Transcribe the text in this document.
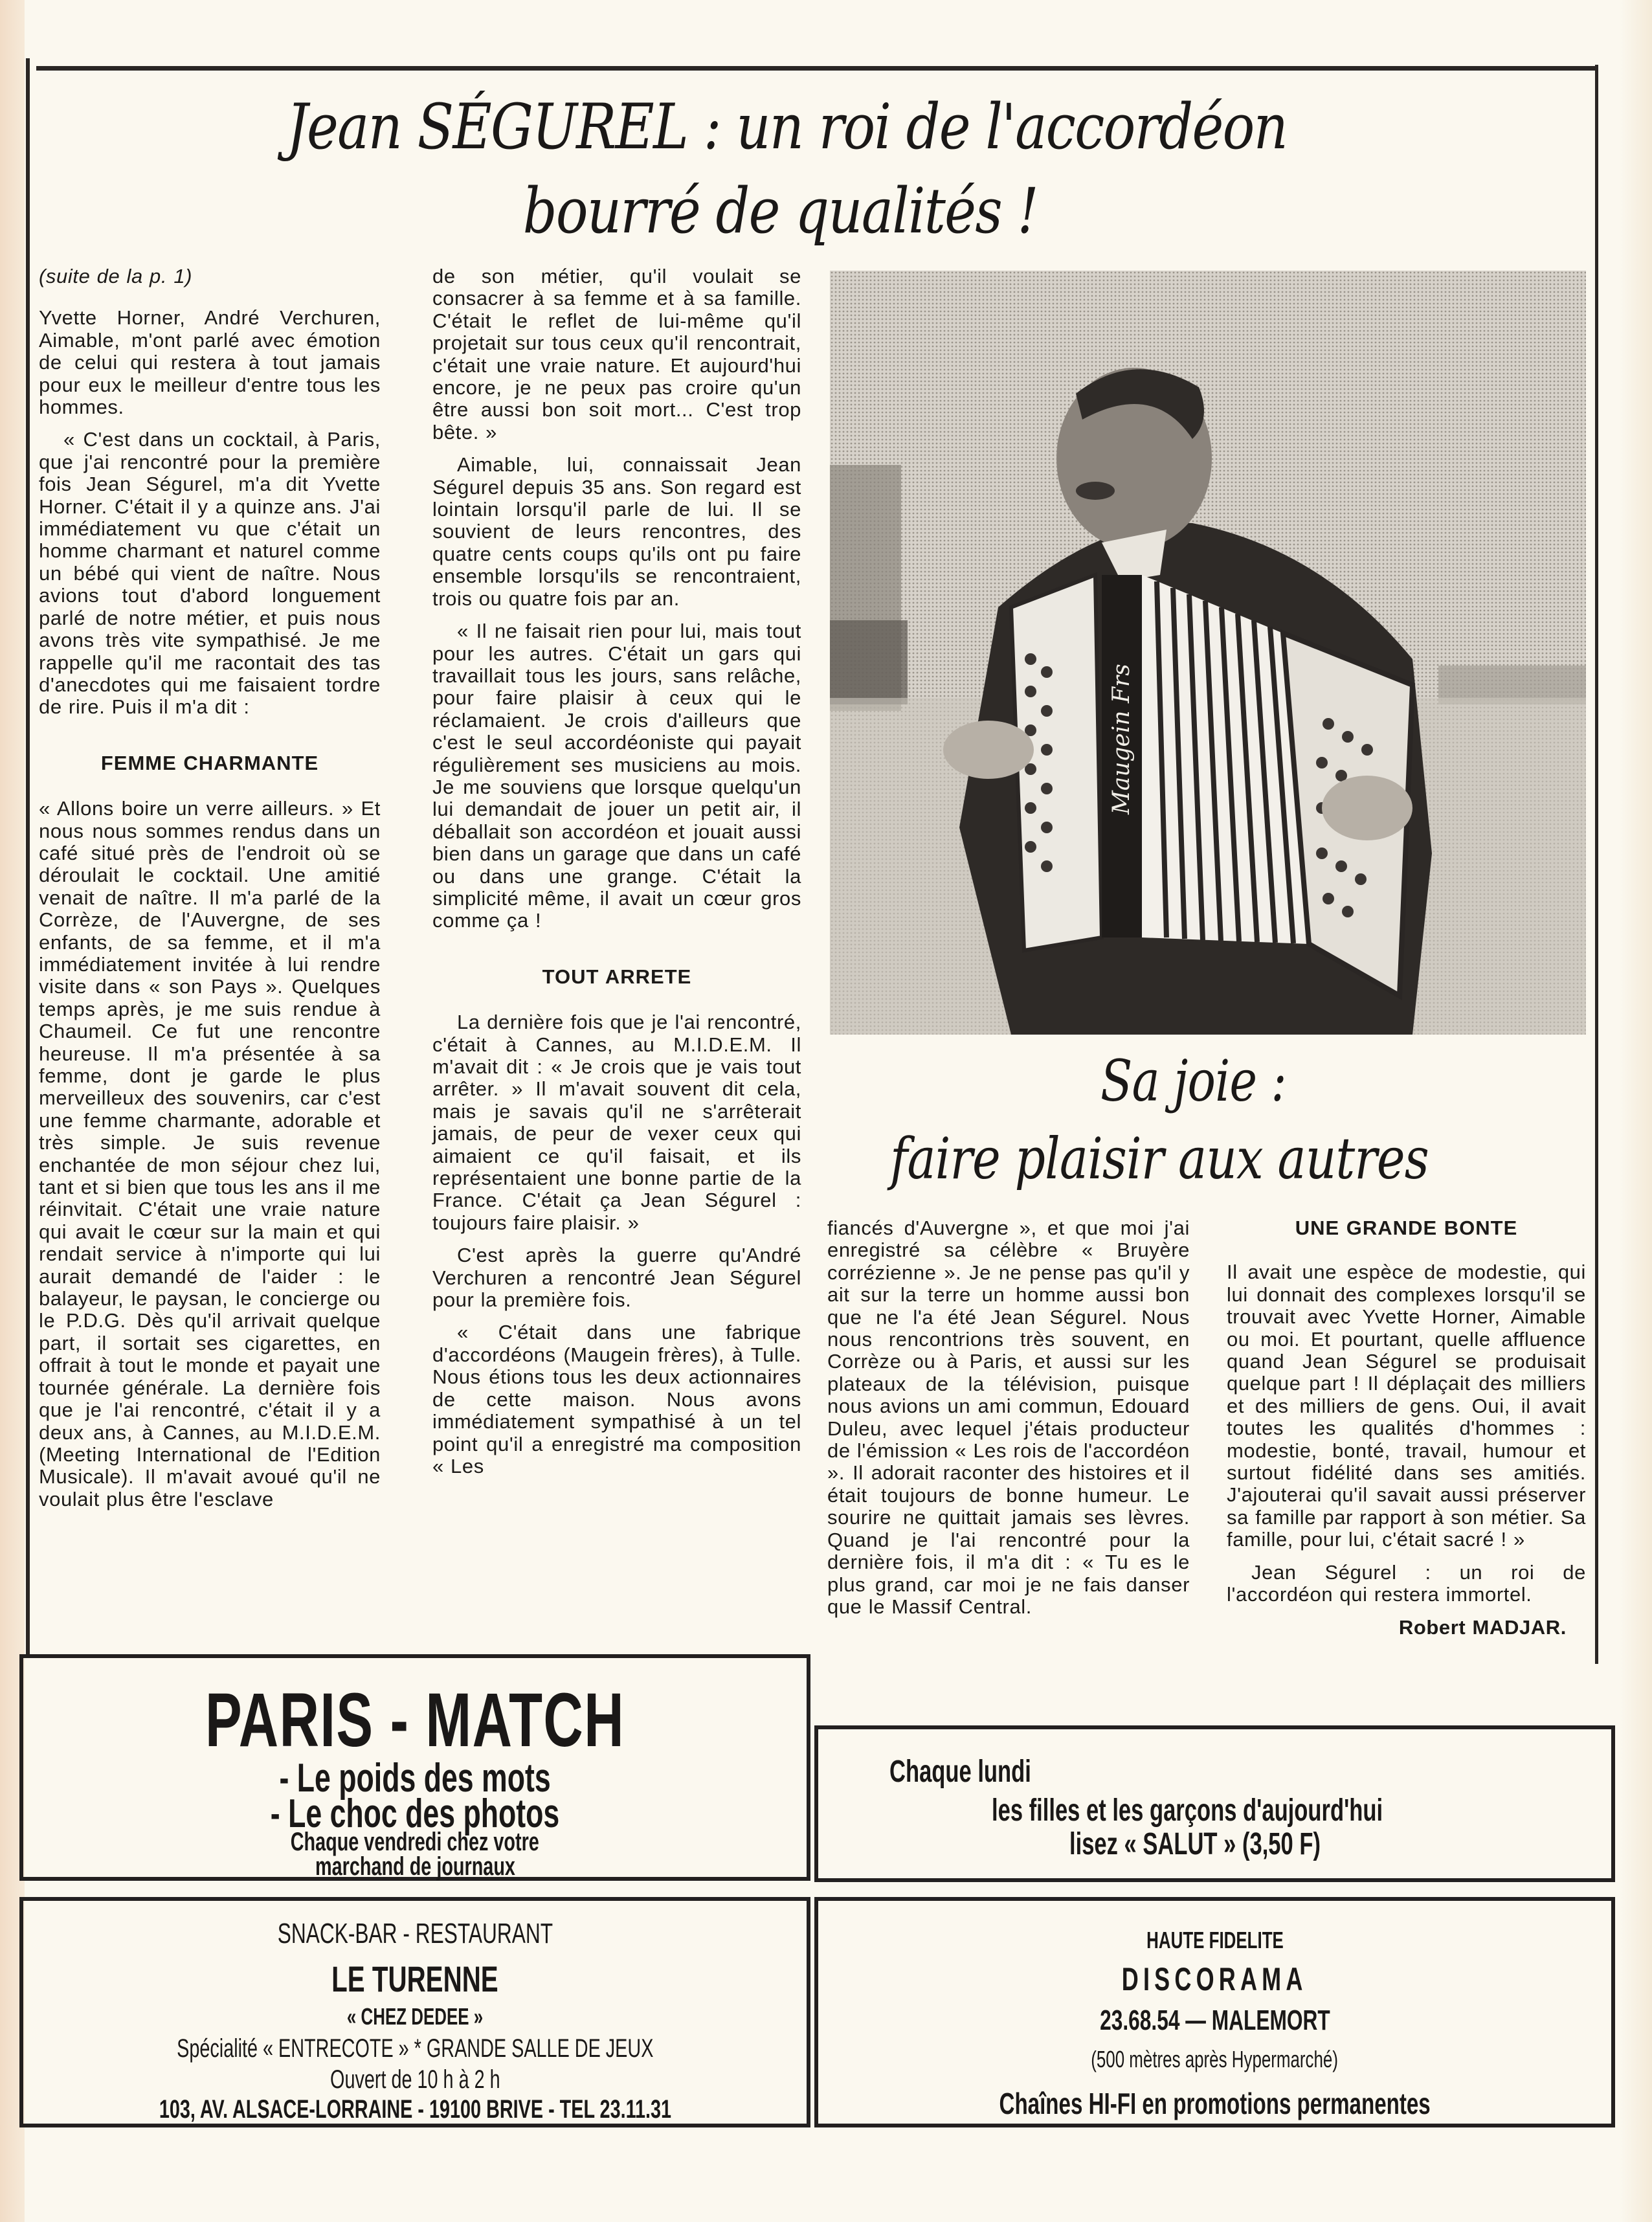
Jean SÉGUREL : un roi de l'accordéon
bourré de qualités !

(suite de la p. 1)

Yvette Horner, André Verchuren, Aimable, m'ont parlé avec émotion de celui qui restera à tout jamais pour eux le meilleur d'entre tous les hommes.

« C'est dans un cocktail, à Paris, que j'ai rencontré pour la première fois Jean Ségurel, m'a dit Yvette Horner. C'était il y a quinze ans. J'ai immédiatement vu que c'était un homme charmant et naturel comme un bébé qui vient de naître. Nous avions tout d'abord longuement parlé de notre métier, et puis nous avons très vite sympathisé. Je me rappelle qu'il me racontait des tas d'anecdotes qui me faisaient tordre de rire. Puis il m'a dit :

FEMME CHARMANTE

« Allons boire un verre ailleurs. » Et nous nous sommes rendus dans un café situé près de l'endroit où se déroulait le cocktail. Une amitié venait de naître. Il m'a parlé de la Corrèze, de l'Auvergne, de ses enfants, de sa femme, et il m'a immédiatement invitée à lui rendre visite dans « son Pays ». Quelques temps après, je me suis rendue à Chaumeil. Ce fut une rencontre heureuse. Il m'a présentée à sa femme, dont je garde le plus merveilleux des souvenirs, car c'est une femme charmante, adorable et très simple. Je suis revenue enchantée de mon séjour chez lui, tant et si bien que tous les ans il me réinvitait. C'était une vraie nature qui avait le cœur sur la main et qui rendait service à n'importe qui lui aurait demandé de l'aider : le balayeur, le paysan, le concierge ou le P.D.G. Dès qu'il arrivait quelque part, il sortait ses cigarettes, en offrait à tout le monde et payait une tournée générale. La dernière fois que je l'ai rencontré, c'était il y a deux ans, à Cannes, au M.I.D.E.M. (Meeting International de l'Edition Musicale). Il m'avait avoué qu'il ne voulait plus être l'esclave

de son métier, qu'il voulait se consacrer à sa femme et à sa famille. C'était le reflet de lui-même qu'il projetait sur tous ceux qu'il rencontrait, c'était une vraie nature. Et aujourd'hui encore, je ne peux pas croire qu'un être aussi bon soit mort... C'est trop bête. »

Aimable, lui, connaissait Jean Ségurel depuis 35 ans. Son regard est lointain lorsqu'il parle de lui. Il se souvient de leurs rencontres, des quatre cents coups qu'ils ont pu faire ensemble lorsqu'ils se rencontraient, trois ou quatre fois par an.

« Il ne faisait rien pour lui, mais tout pour les autres. C'était un gars qui travaillait tous les jours, sans relâche, pour faire plaisir à ceux qui le réclamaient. Je crois d'ailleurs que c'est le seul accordéoniste qui payait régulièrement ses musiciens au mois. Je me souviens que lorsque quelqu'un lui demandait de jouer un petit air, il déballait son accordéon et jouait aussi bien dans un garage que dans un café ou dans une grange. C'était la simplicité même, il avait un cœur gros comme ça !

TOUT ARRETE

La dernière fois que je l'ai rencontré, c'était à Cannes, au M.I.D.E.M. Il m'avait dit : « Je crois que je vais tout arrêter. » Il m'avait souvent dit cela, mais je savais qu'il ne s'arrêterait jamais, de peur de vexer ceux qui aimaient ce qu'il faisait, et ils représentaient une bonne partie de la France. C'était ça Jean Ségurel : toujours faire plaisir. »

C'est après la guerre qu'André Verchuren a rencontré Jean Ségurel pour la première fois.

« C'était dans une fabrique d'accordéons (Maugein frères), à Tulle. Nous étions tous les deux actionnaires de cette maison. Nous avons immédiatement sympathisé à un tel point qu'il a enregistré ma composition « Les

Maugein Frs
Sa joie :
faire plaisir aux autres

fiancés d'Auvergne », et que moi j'ai enregistré sa célèbre « Bruyère corrézienne ». Je ne pense pas qu'il y ait sur la terre un homme aussi bon que ne l'a été Jean Ségurel. Nous nous rencontrions très souvent, en Corrèze ou à Paris, et aussi sur les plateaux de la télévision, puisque nous avions un ami commun, Edouard Duleu, avec lequel j'étais producteur de l'émission « Les rois de l'accordéon ». Il adorait raconter des histoires et il était toujours de bonne humeur. Le sourire ne quittait jamais ses lèvres. Quand je l'ai rencontré pour la dernière fois, il m'a dit : « Tu es le plus grand, car moi je ne fais danser que le Massif Central.

UNE GRANDE BONTE

Il avait une espèce de modestie, qui lui donnait des complexes lorsqu'il se trouvait avec Yvette Horner, Aimable ou moi. Et pourtant, quelle affluence quand Jean Ségurel se produisait quelque part ! Il déplaçait des milliers et des milliers de gens. Oui, il avait toutes les qualités d'hommes : modestie, bonté, travail, humour et surtout fidélité dans ses amitiés. J'ajouterai qu'il savait aussi préserver sa famille par rapport à son métier. Sa famille, pour lui, c'était sacré ! »

Jean Ségurel : un roi de l'accordéon qui restera immortel.

Robert MADJAR.

PARIS - MATCH
- Le poids des mots
- Le choc des photos
Chaque vendredi chez votre
marchand de journaux
Chaque lundi
les filles et les garçons d'aujourd'hui
lisez « SALUT » (3,50 F)
SNACK-BAR - RESTAURANT
LE TURENNE
« CHEZ DEDEE »
Spécialité « ENTRECOTE » * GRANDE SALLE DE JEUX
Ouvert de 10 h à 2 h
103, AV. ALSACE-LORRAINE - 19100 BRIVE - TEL 23.11.31
HAUTE FIDELITE
DISCORAMA
23.68.54 — MALEMORT
(500 mètres après Hypermarché)
Chaînes HI-FI en promotions permanentes
